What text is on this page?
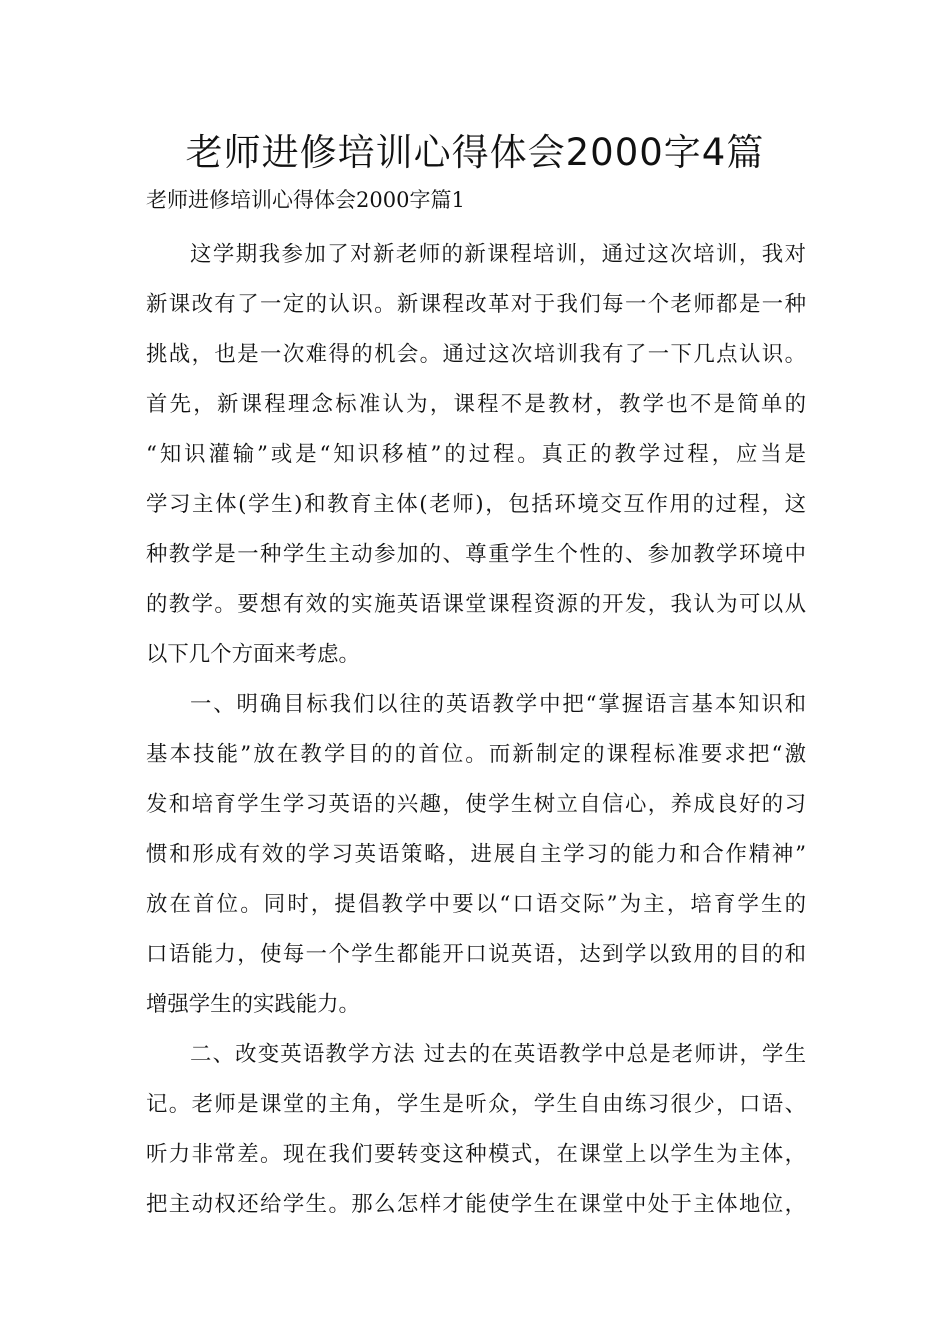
老师进修培训心得体会2000字4篇

老师进修培训心得体会2000字篇1

这学期我参加了对新老师的新课程培训，通过这次培训，我对
新课改有了一定的认识。新课程改革对于我们每一个老师都是一种
挑战，也是一次难得的机会。通过这次培训我有了一下几点认识。
首先，新课程理念标准认为，课程不是教材，教学也不是简单的
“知识灌输”或是“知识移植”的过程。真正的教学过程，应当是
学习主体(学生)和教育主体(老师)，包括环境交互作用的过程，这
种教学是一种学生主动参加的、尊重学生个性的、参加教学环境中
的教学。要想有效的实施英语课堂课程资源的开发，我认为可以从
以下几个方面来考虑。
一、明确目标我们以往的英语教学中把“掌握语言基本知识和
基本技能”放在教学目的的首位。而新制定的课程标准要求把“激
发和培育学生学习英语的兴趣，使学生树立自信心，养成良好的习
惯和形成有效的学习英语策略，进展自主学习的能力和合作精神”
放在首位。同时，提倡教学中要以“口语交际”为主，培育学生的
口语能力，使每一个学生都能开口说英语，达到学以致用的目的和
增强学生的实践能力。
二、改变英语教学方法 过去的在英语教学中总是老师讲，学生
记。老师是课堂的主角，学生是听众，学生自由练习很少，口语、
听力非常差。现在我们要转变这种模式，在课堂上以学生为主体，
把主动权还给学生。那么怎样才能使学生在课堂中处于主体地位，
